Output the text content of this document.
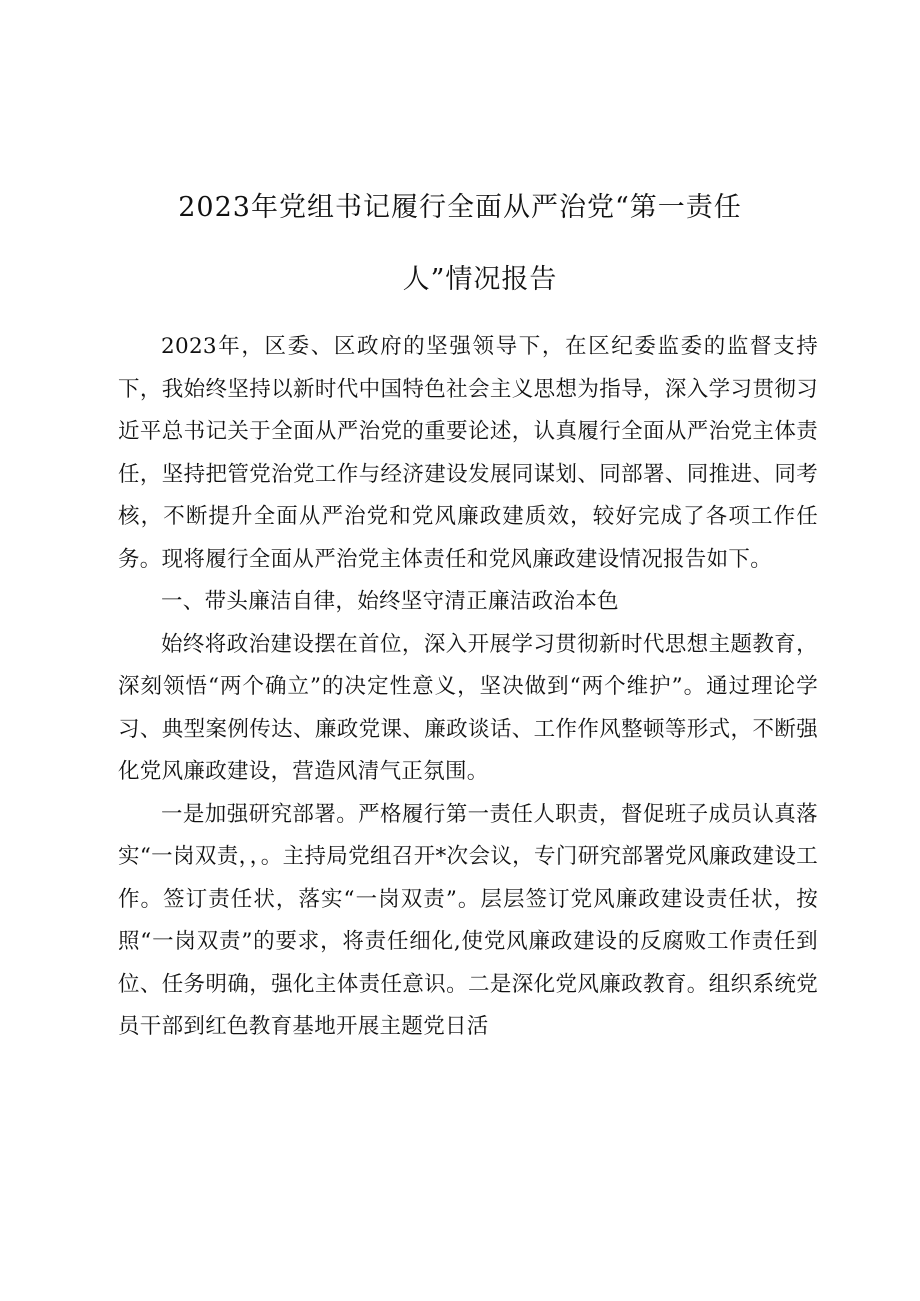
2023年党组书记履行全面从严治党“第一责任
人”情况报告

2023年，区委、区政府的坚强领导下，在区纪委监委的监督支持下，我始终坚持以新时代中国特色社会主义思想为指导，深入学习贯彻习近平总书记关于全面从严治党的重要论述，认真履行全面从严治党主体责任，坚持把管党治党工作与经济建设发展同谋划、同部署、同推进、同考核，不断提升全面从严治党和党风廉政建质效，较好完成了各项工作任务。现将履行全面从严治党主体责任和党风廉政建设情况报告如下。

一、带头廉洁自律，始终坚守清正廉洁政治本色

始终将政治建设摆在首位，深入开展学习贯彻新时代思想主题教育，深刻领悟“两个确立”的决定性意义，坚决做到“两个维护”。通过理论学习、典型案例传达、廉政党课、廉政谈话、工作作风整顿等形式，不断强化党风廉政建设，营造风清气正氛围。

一是加强研究部署。严格履行第一责任人职责，督促班子成员认真落实“一岗双责，，。主持局党组召开*次会议，专门研究部署党风廉政建设工作。签订责任状，落实“一岗双责”。层层签订党风廉政建设责任状，按照“一岗双责”的要求，将责任细化,使党风廉政建设的反腐败工作责任到位、任务明确，强化主体责任意识。二是深化党风廉政教育。组织系统党员干部到红色教育基地开展主题党日活
